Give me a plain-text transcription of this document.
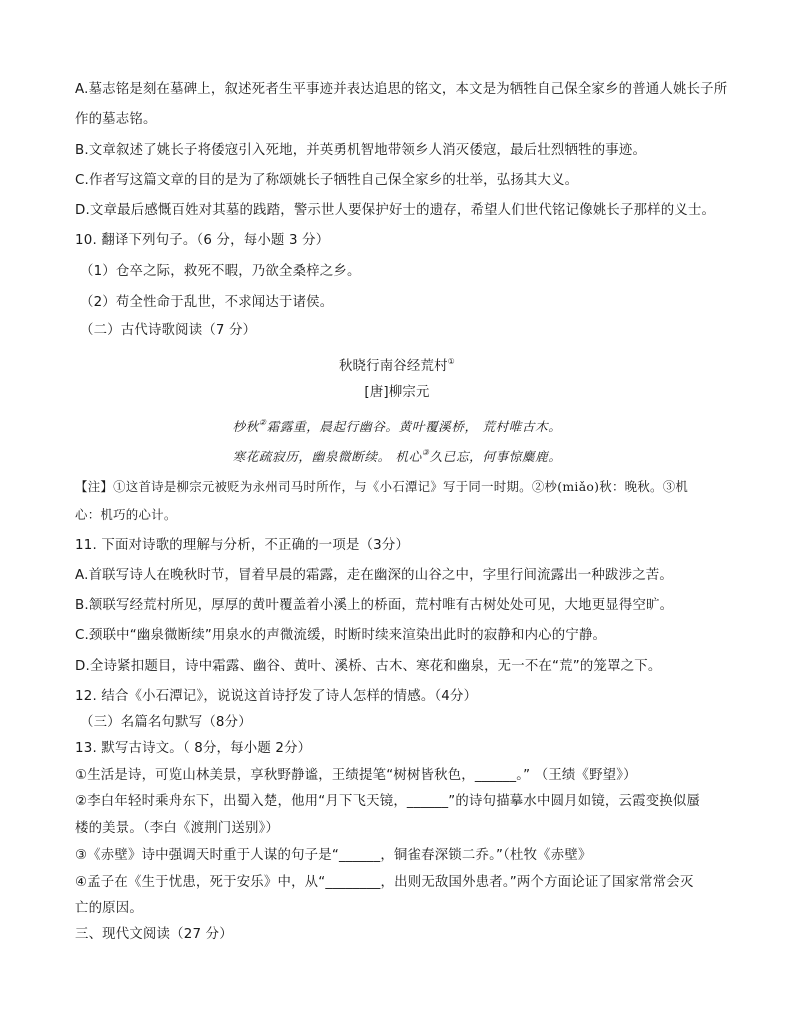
A.墓志铭是刻在墓碑上，叙述死者生平事迹并表达追思的铭文，本文是为牺牲自己保全家乡的普通人姚长子所
作的墓志铭。
B.文章叙述了姚长子将倭寇引入死地，并英勇机智地带领乡人消灭倭寇，最后壮烈牺牲的事迹。
C.作者写这篇文章的目的是为了称颂姚长子牺牲自己保全家乡的壮举，弘扬其大义。
D.文章最后感慨百姓对其墓的践踏，警示世人要保护好士的遗存，希望人们世代铭记像姚长子那样的义士。
10. 翻译下列句子。（6 分，每小题 3 分）
（1）仓卒之际，救死不暇，乃欲全桑梓之乡。
（2）苟全性命于乱世，不求闻达于诸侯。
（二）古代诗歌阅读（7 分）
秋晓行南谷经荒村①
[唐]柳宗元
杪秋②霜露重，晨起行幽谷。黄叶覆溪桥， 荒村唯古木。
寒花疏寂历，幽泉微断续。 机心③久已忘，何事惊麋鹿。
【注】①这首诗是柳宗元被贬为永州司马时所作，与《小石潭记》写于同一时期。②杪(miǎo)秋：晚秋。③机
心：机巧的心计。
11. 下面对诗歌的理解与分析，不正确的一项是（3分）
A.首联写诗人在晚秋时节，冒着早晨的霜露，走在幽深的山谷之中，字里行间流露出一种跋涉之苦。
B.颔联写经荒村所见，厚厚的黄叶覆盖着小溪上的桥面，荒村唯有古树处处可见，大地更显得空旷。
C.颈联中“幽泉微断续”用泉水的声微流缓，时断时续来渲染出此时的寂静和内心的宁静。
D.全诗紧扣题目，诗中霜露、幽谷、黄叶、溪桥、古木、寒花和幽泉，无一不在“荒”的笼罩之下。
12. 结合《小石潭记》，说说这首诗抒发了诗人怎样的情感。（4分）
（三）名篇名句默写（8分）
13. 默写古诗文。（ 8分，每小题 2分）
①生活是诗，可览山林美景，享秋野静谧，王绩提笔“树树皆秋色，______。” （王绩《野望》）
②李白年轻时乘舟东下，出蜀入楚，他用“月下飞天镜，______”的诗句描摹水中圆月如镜，云霞变换似蜃
楼的美景。（李白《渡荆门送别》）
③《赤壁》诗中强调天时重于人谋的句子是“______，铜雀春深锁二乔。”（杜牧《赤壁》
④孟子在《生于忧患，死于安乐》中，从“________，出则无敌国外患者。”两个方面论证了国家常常会灭
亡的原因。
三、现代文阅读（27 分）
